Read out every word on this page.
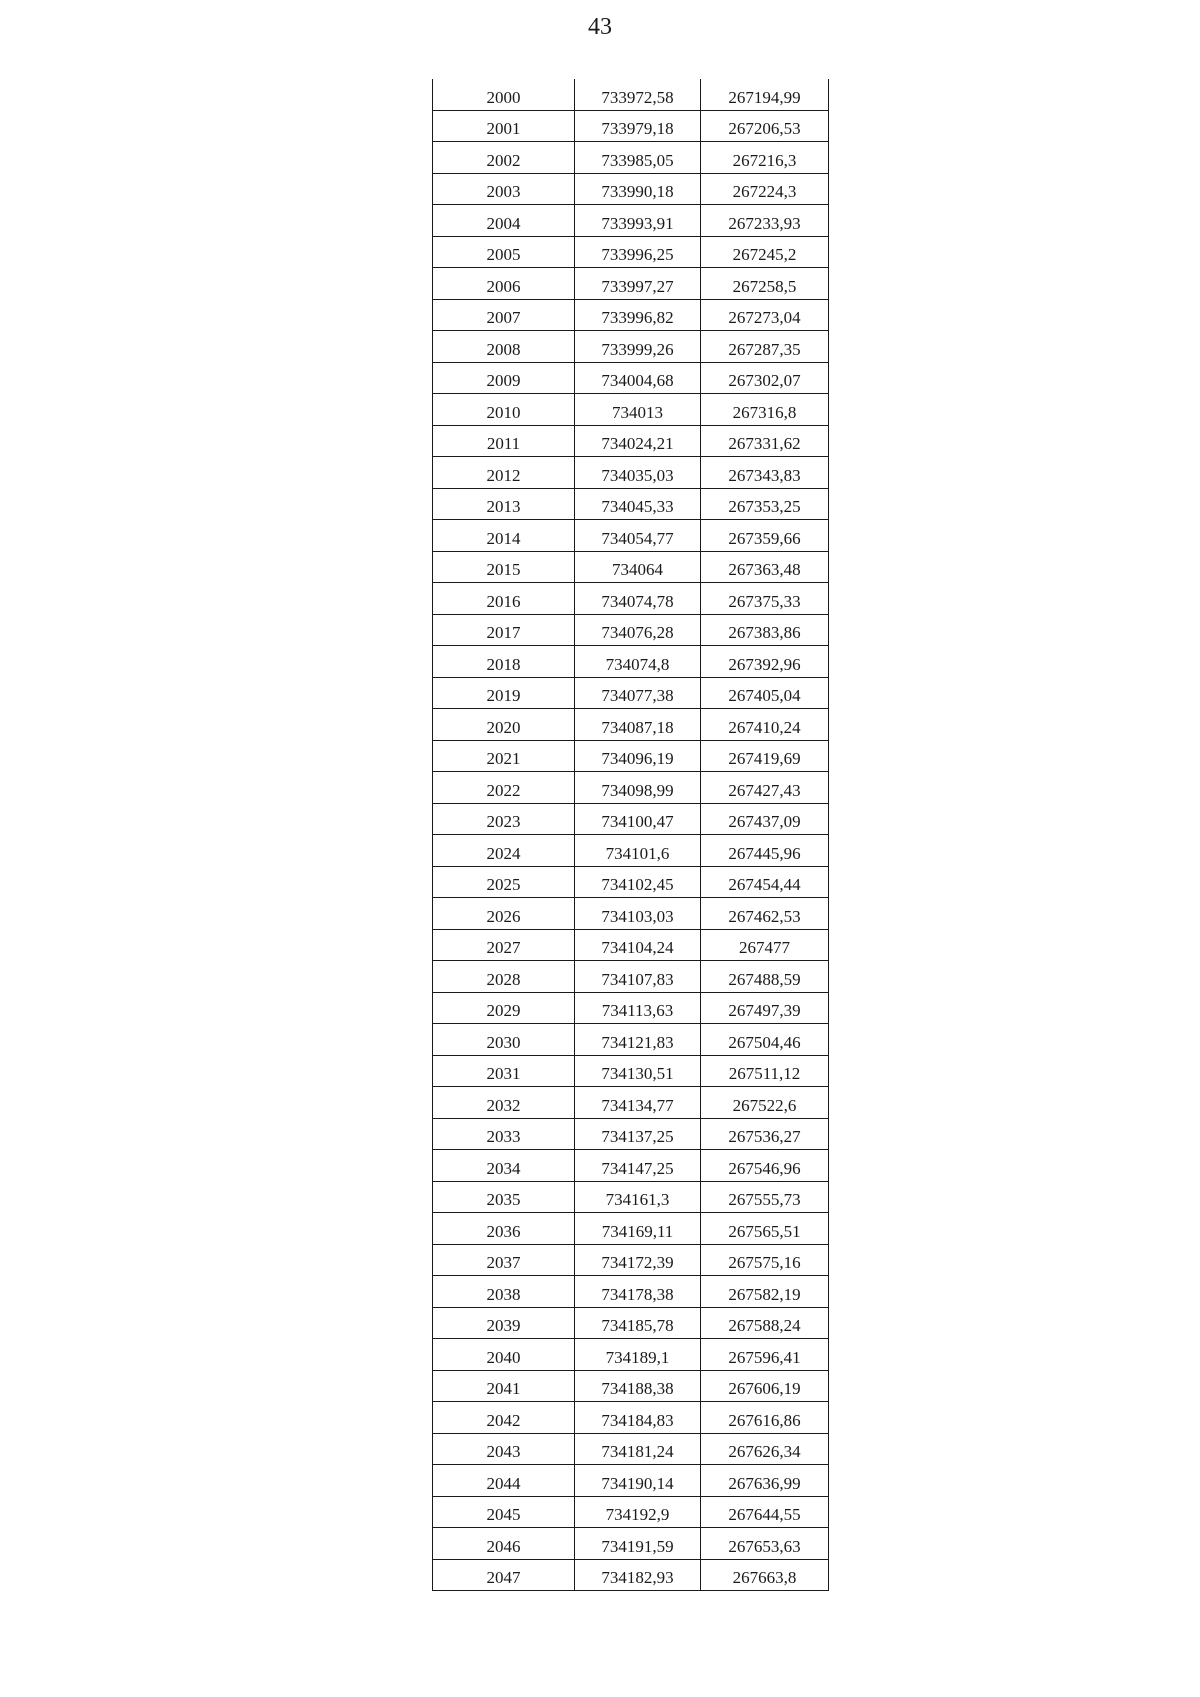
43
2000	733972,58	267194,99
2001	733979,18	267206,53
2002	733985,05	267216,3
2003	733990,18	267224,3
2004	733993,91	267233,93
2005	733996,25	267245,2
2006	733997,27	267258,5
2007	733996,82	267273,04
2008	733999,26	267287,35
2009	734004,68	267302,07
2010	734013	267316,8
2011	734024,21	267331,62
2012	734035,03	267343,83
2013	734045,33	267353,25
2014	734054,77	267359,66
2015	734064	267363,48
2016	734074,78	267375,33
2017	734076,28	267383,86
2018	734074,8	267392,96
2019	734077,38	267405,04
2020	734087,18	267410,24
2021	734096,19	267419,69
2022	734098,99	267427,43
2023	734100,47	267437,09
2024	734101,6	267445,96
2025	734102,45	267454,44
2026	734103,03	267462,53
2027	734104,24	267477
2028	734107,83	267488,59
2029	734113,63	267497,39
2030	734121,83	267504,46
2031	734130,51	267511,12
2032	734134,77	267522,6
2033	734137,25	267536,27
2034	734147,25	267546,96
2035	734161,3	267555,73
2036	734169,11	267565,51
2037	734172,39	267575,16
2038	734178,38	267582,19
2039	734185,78	267588,24
2040	734189,1	267596,41
2041	734188,38	267606,19
2042	734184,83	267616,86
2043	734181,24	267626,34
2044	734190,14	267636,99
2045	734192,9	267644,55
2046	734191,59	267653,63
2047	734182,93	267663,8
